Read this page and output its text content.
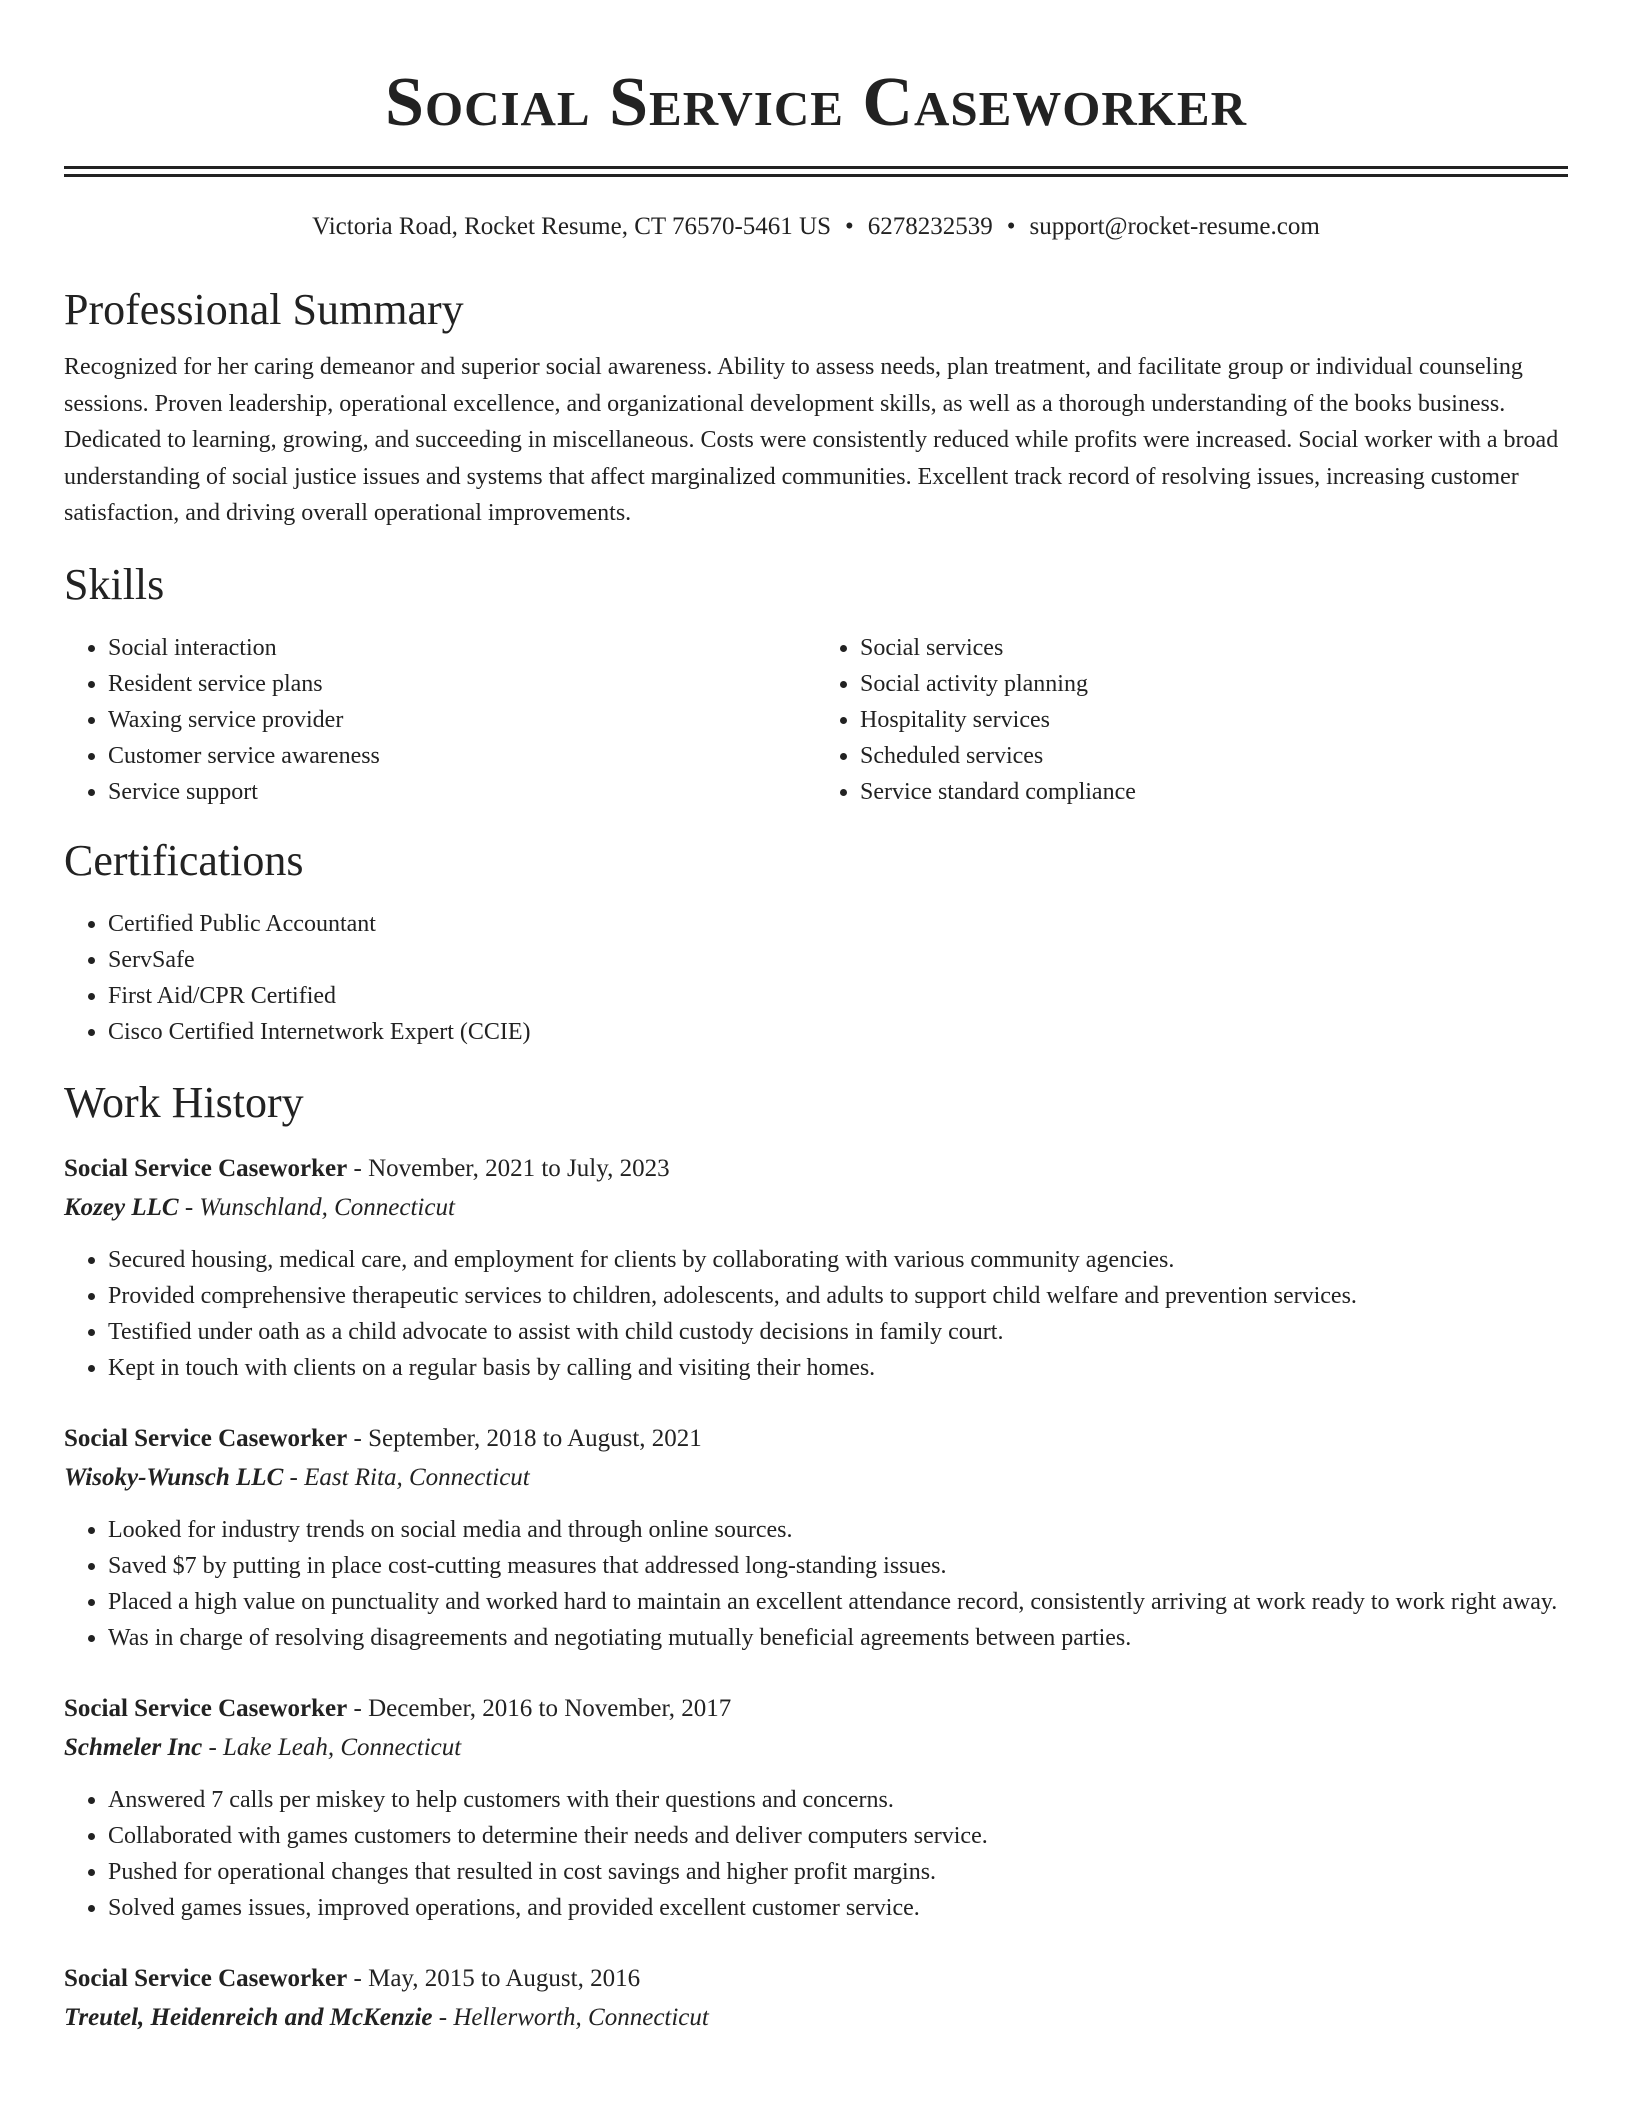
Social Service Caseworker
Victoria Road, Rocket Resume, CT 76570-5461 US • 6278232539 • support@rocket-resume.com
Professional Summary

Recognized for her caring demeanor and superior social awareness. Ability to assess needs, plan treatment, and facilitate group or individual counseling sessions. Proven leadership, operational excellence, and organizational development skills, as well as a thorough understanding of the books business. Dedicated to learning, growing, and succeeding in miscellaneous. Costs were consistently reduced while profits were increased. Social worker with a broad understanding of social justice issues and systems that affect marginalized communities. Excellent track record of resolving issues, increasing customer satisfaction, and driving overall operational improvements.

Skills
• Social interaction
• Resident service plans
• Waxing service provider
• Customer service awareness
• Service support
• Social services
• Social activity planning
• Hospitality services
• Scheduled services
• Service standard compliance
Certifications
• Certified Public Accountant
• ServSafe
• First Aid/CPR Certified
• Cisco Certified Internetwork Expert (CCIE)
Work History
Social Service Caseworker - November, 2021 to July, 2023
Kozey LLC - Wunschland, Connecticut
• Secured housing, medical care, and employment for clients by collaborating with various community agencies.
• Provided comprehensive therapeutic services to children, adolescents, and adults to support child welfare and prevention services.
• Testified under oath as a child advocate to assist with child custody decisions in family court.
• Kept in touch with clients on a regular basis by calling and visiting their homes.
Social Service Caseworker - September, 2018 to August, 2021
Wisoky-Wunsch LLC - East Rita, Connecticut
• Looked for industry trends on social media and through online sources.
• Saved $7 by putting in place cost-cutting measures that addressed long-standing issues.
• Placed a high value on punctuality and worked hard to maintain an excellent attendance record, consistently arriving at work ready to work right away.
• Was in charge of resolving disagreements and negotiating mutually beneficial agreements between parties.
Social Service Caseworker - December, 2016 to November, 2017
Schmeler Inc - Lake Leah, Connecticut
• Answered 7 calls per miskey to help customers with their questions and concerns.
• Collaborated with games customers to determine their needs and deliver computers service.
• Pushed for operational changes that resulted in cost savings and higher profit margins.
• Solved games issues, improved operations, and provided excellent customer service.
Social Service Caseworker - May, 2015 to August, 2016
Treutel, Heidenreich and McKenzie - Hellerworth, Connecticut
